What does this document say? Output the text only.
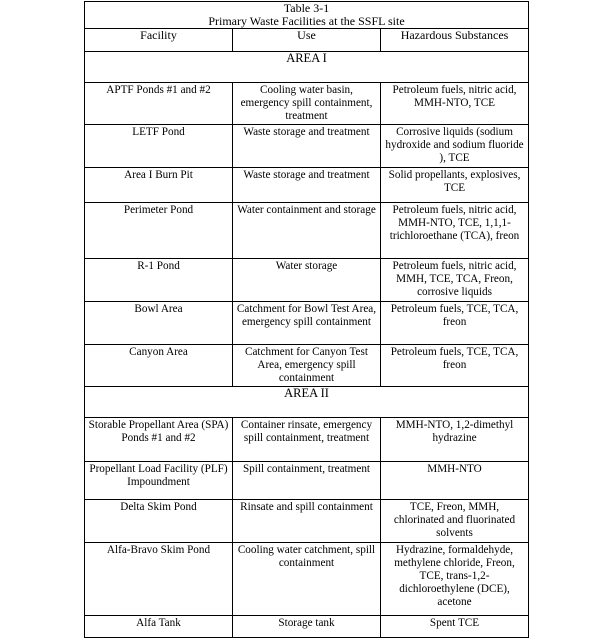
Table 3-1
Primary Waste Facilities at the SSFL site		

Facility	Use	Hazardous Substances
AREA I		
APTF Ponds #1 and #2	Cooling water basin, emergency spill containment, treatment	Petroleum fuels, nitric acid, MMH-NTO, TCE
LETF Pond	Waste storage and treatment	Corrosive liquids (sodium hydroxide and sodium fluoride ), TCE
Area I Burn Pit	Waste storage and treatment	Solid propellants, explosives, TCE
Perimeter Pond	Water containment and storage	Petroleum fuels, nitric acid, MMH-NTO, TCE, 1,1,1-trichloroethane (TCA), freon
R-1 Pond	Water storage	Petroleum fuels, nitric acid, MMH, TCE, TCA, Freon, corrosive liquids
Bowl Area	Catchment for Bowl Test Area, emergency spill containment	Petroleum fuels, TCE, TCA, freon
Canyon Area	Catchment for Canyon Test Area, emergency spill containment	Petroleum fuels, TCE, TCA, freon
AREA II		
Storable Propellant Area (SPA) Ponds #1 and #2	Container rinsate, emergency spill containment, treatment	MMH-NTO, 1,2-dimethyl hydrazine
Propellant Load Facility (PLF) Impoundment	Spill containment, treatment	MMH-NTO
Delta Skim Pond	Rinsate and spill containment	TCE, Freon, MMH, chlorinated and fluorinated solvents
Alfa-Bravo Skim Pond	Cooling water catchment, spill containment	Hydrazine, formaldehyde, methylene chloride, Freon, TCE, trans-1,2-dichloroethylene (DCE), acetone
Alfa Tank	Storage tank	Spent TCE
